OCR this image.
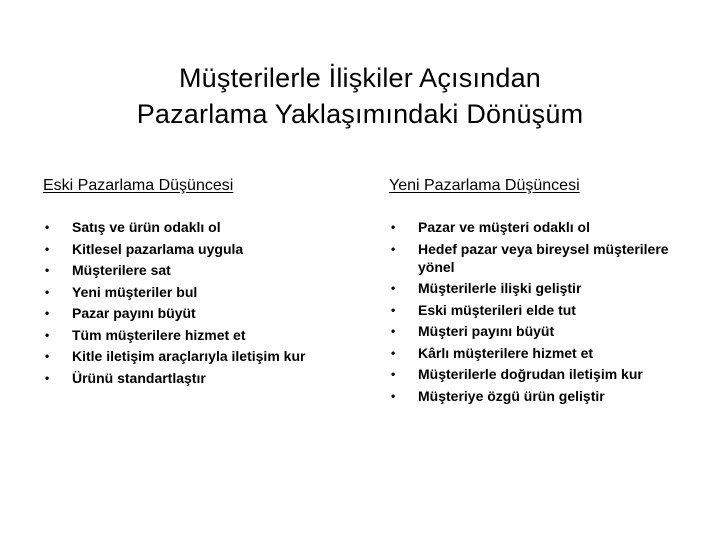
Müşterilerle İlişkiler Açısından
Pazarlama Yaklaşımındaki Dönüşüm
Eski Pazarlama Düşüncesi
• Satış ve ürün odaklı ol
• Kitlesel pazarlama uygula
• Müşterilere sat
• Yeni müşteriler bul
• Pazar payını büyüt
• Tüm müşterilere hizmet et
• Kitle iletişim araçlarıyla iletişim kur
• Ürünü standartlaştır
Yeni Pazarlama Düşüncesi
• Pazar ve müşteri odaklı ol
• Hedef pazar veya bireysel müşterilere yönel
• Müşterilerle ilişki geliştir
• Eski müşterileri elde tut
• Müşteri payını büyüt
• Kârlı müşterilere hizmet et
• Müşterilerle doğrudan iletişim kur
• Müşteriye özgü ürün geliştir
